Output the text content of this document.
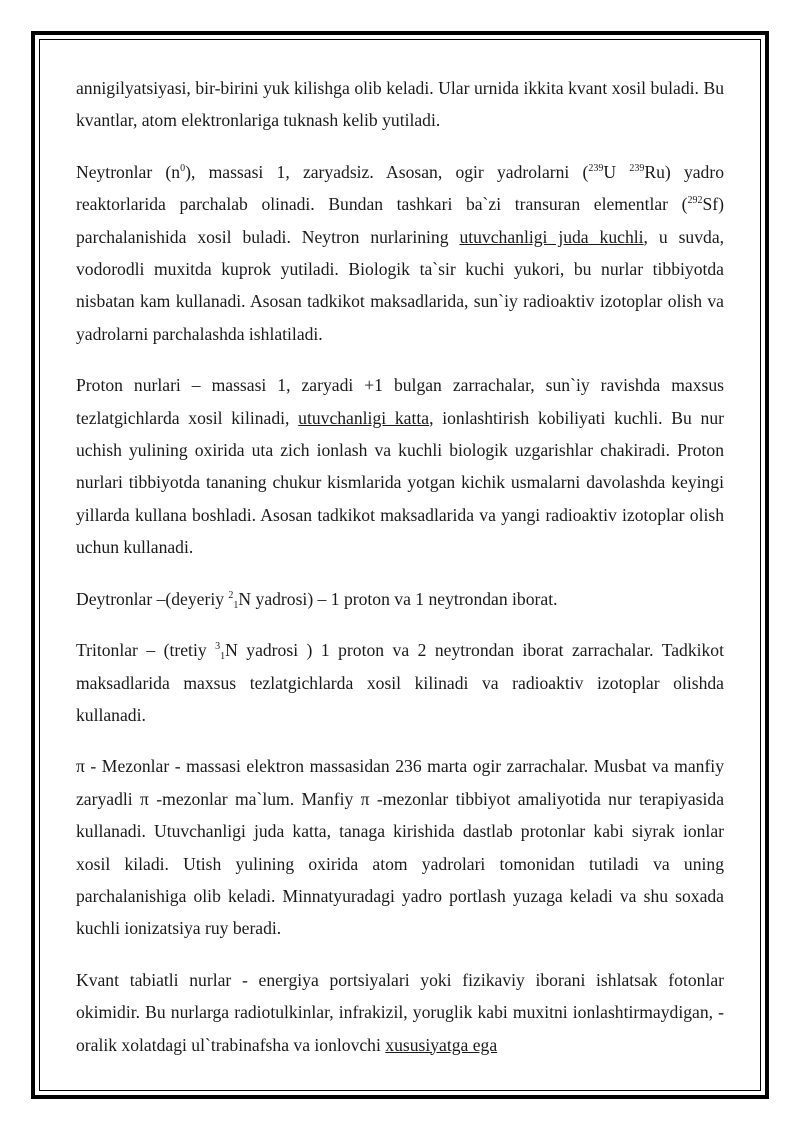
annigilyatsiyasi, bir-birini yuk kilishga olib keladi. Ular urnida ikkita kvant xosil buladi. Bu kvantlar, atom elektronlariga tuknash kelib yutiladi.

Neytronlar $(n^0)$, massasi 1, zaryadsiz. Asosan, ogir yadrolarni ($^{239}$U $^{239}$Ru) yadro reaktorlarida parchalab olinadi. Bundan tashkari ba`zi transuran elementlar ($^{292}$Sf) parchalanishida xosil buladi. Neytron nurlarining utuvchanligi juda kuchli, u suvda, vodorodli muxitda kuprok yutiladi. Biologik ta`sir kuchi yukori, bu nurlar tibbiyotda nisbatan kam kullanadi. Asosan tadkikot maksadlarida, sun`iy radioaktiv izotoplar olish va yadrolarni parchalashda ishlatiladi.

Proton nurlari – massasi 1, zaryadi +1 bulgan zarrachalar, sun`iy ravishda maxsus tezlatgichlarda xosil kilinadi, utuvchanligi katta, ionlashtirish kobiliyati kuchli. Bu nur uchish yulining oxirida uta zich ionlash va kuchli biologik uzgarishlar chakiradi. Proton nurlari tibbiyotda tananing chukur kismlarida yotgan kichik usmalarni davolashda keyingi yillarda kullana boshladi. Asosan tadkikot maksadlarida va yangi radioaktiv izotoplar olish uchun kullanadi.

Deytronlar –(deyeriy $^2_1$N yadrosi) – 1 proton va 1 neytrondan iborat.

Tritonlar – (tretiy $^3_1$N yadrosi ) 1 proton va 2 neytrondan iborat zarrachalar. Tadkikot maksadlarida maxsus tezlatgichlarda xosil kilinadi va radioaktiv izotoplar olishda kullanadi.

π - Mezonlar - massasi elektron massasidan 236 marta ogir zarrachalar. Musbat va manfiy zaryadli π -mezonlar ma`lum. Manfiy π -mezonlar tibbiyot amaliyotida nur terapiyasida kullanadi. Utuvchanligi juda katta, tanaga kirishida dastlab protonlar kabi siyrak ionlar xosil kiladi. Utish yulining oxirida atom yadrolari tomonidan tutiladi va uning parchalanishiga olib keladi. Minnatyuradagi yadro portlash yuzaga keladi va shu soxada kuchli ionizatsiya ruy beradi.

Kvant tabiatli nurlar - energiya portsiyalari yoki fizikaviy iborani ishlatsak fotonlar okimidir. Bu nurlarga radiotulkinlar, infrakizil, yoruglik kabi muxitni ionlashtirmaydigan, - oralik xolatdagi ul`trabinafsha va ionlovchi xususiyatga ega
